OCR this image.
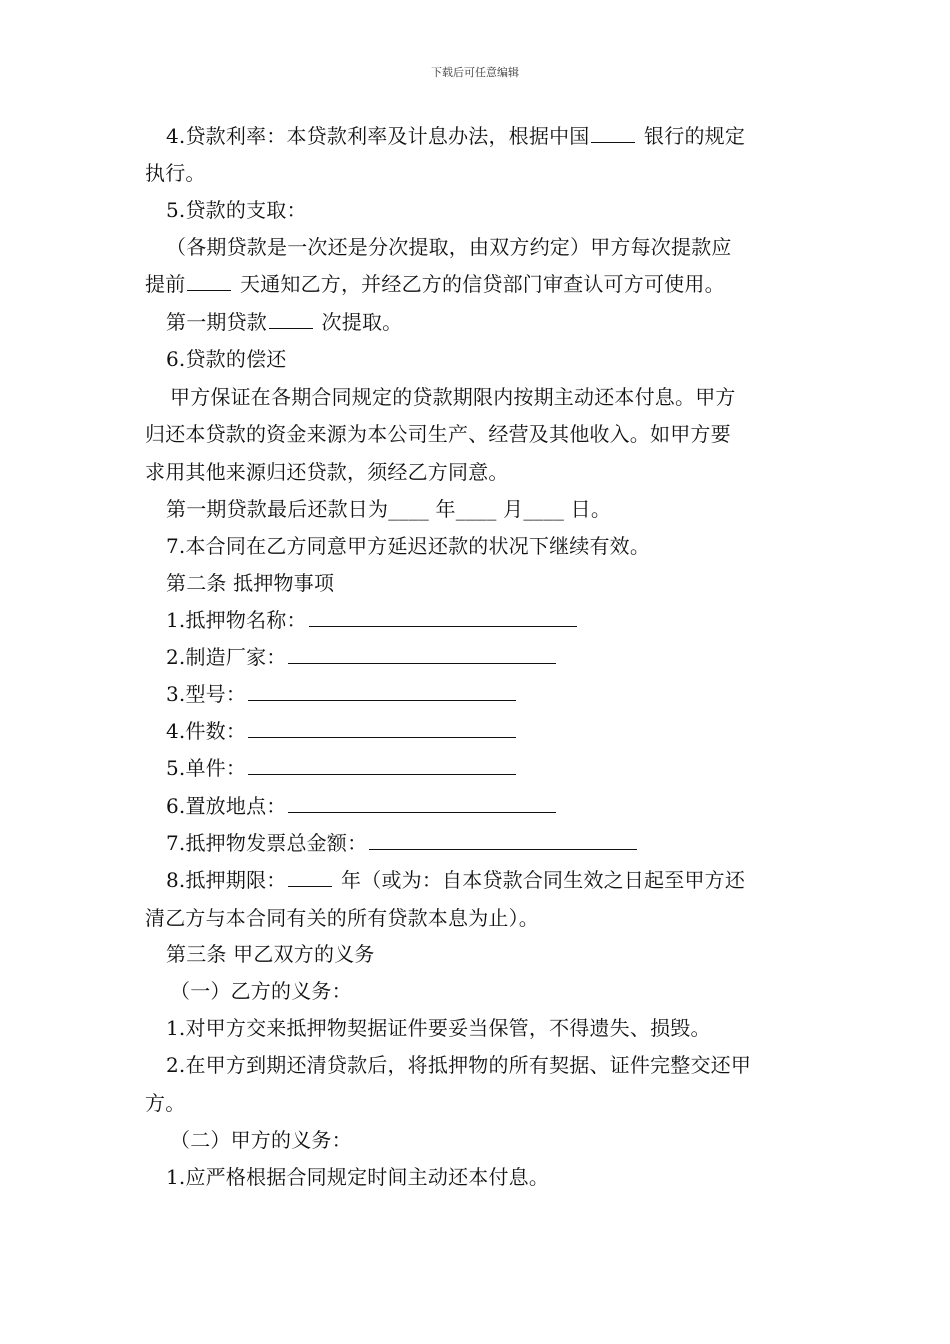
下载后可任意编辑
4.贷款利率：本贷款利率及计息办法，根据中国 银行的规定
执行。
5.贷款的支取：
（各期贷款是一次还是分次提取，由双方约定）甲方每次提款应
提前 天通知乙方，并经乙方的信贷部门审查认可方可使用。
第一期贷款 次提取。
6.贷款的偿还
甲方保证在各期合同规定的贷款期限内按期主动还本付息。甲方
归还本贷款的资金来源为本公司生产、经营及其他收入。如甲方要
求用其他来源归还贷款，须经乙方同意。
第一期贷款最后还款日为____ 年____ 月____ 日。
7.本合同在乙方同意甲方延迟还款的状况下继续有效。
第二条 抵押物事项
1.抵押物名称：
2.制造厂家：
3.型号：
4.件数：
5.单件：
6.置放地点：
7.抵押物发票总金额：
8.抵押期限： 年（或为：自本贷款合同生效之日起至甲方还
清乙方与本合同有关的所有贷款本息为止）。
第三条 甲乙双方的义务
（一）乙方的义务：
1.对甲方交来抵押物契据证件要妥当保管，不得遗失、损毁。
2.在甲方到期还清贷款后，将抵押物的所有契据、证件完整交还甲
方。
（二）甲方的义务：
1.应严格根据合同规定时间主动还本付息。
